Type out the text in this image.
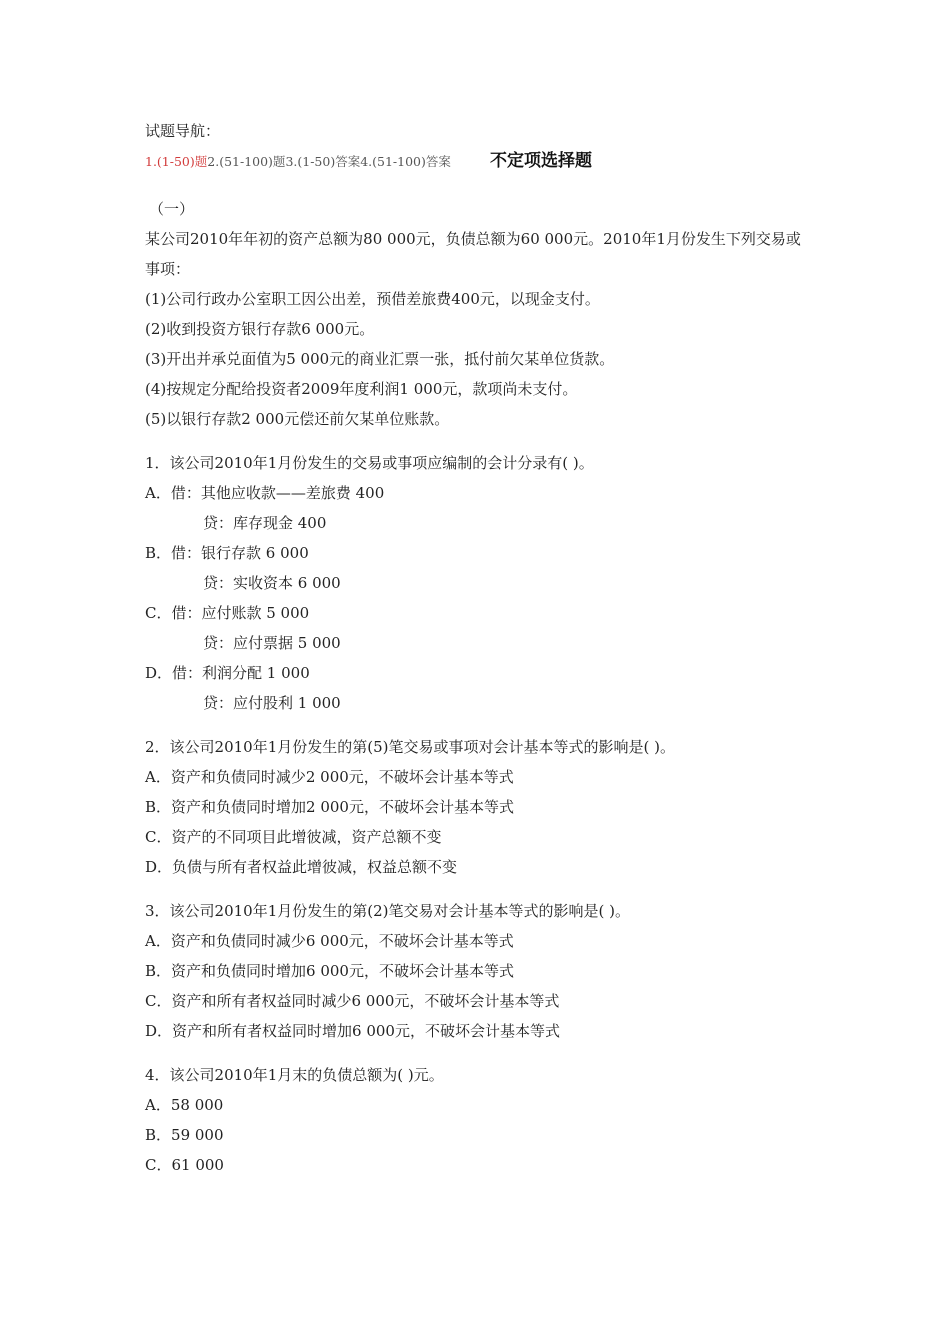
试题导航：
1.(1-50)题2.(51-100)题3.(1-50)答案4.(51-100)答案 不定项选择题
（一）
某公司2010年年初的资产总额为80 000元，负债总额为60 000元。2010年1月份发生下列交易或事项：
(1)公司行政办公室职工因公出差，预借差旅费400元，以现金支付。
(2)收到投资方银行存款6 000元。
(3)开出并承兑面值为5 000元的商业汇票一张，抵付前欠某单位货款。
(4)按规定分配给投资者2009年度利润1 000元，款项尚未支付。
(5)以银行存款2 000元偿还前欠某单位账款。
1．该公司2010年1月份发生的交易或事项应编制的会计分录有( )。
A．借：其他应收款——差旅费 400
贷：库存现金 400
B．借：银行存款 6 000
贷：实收资本 6 000
C．借：应付账款 5 000
贷：应付票据 5 000
D．借：利润分配 1 000
贷：应付股利 1 000
2．该公司2010年1月份发生的第(5)笔交易或事项对会计基本等式的影响是( )。
A．资产和负债同时减少2 000元，不破坏会计基本等式
B．资产和负债同时增加2 000元，不破坏会计基本等式
C．资产的不同项目此增彼减，资产总额不变
D．负债与所有者权益此增彼减，权益总额不变
3．该公司2010年1月份发生的第(2)笔交易对会计基本等式的影响是( )。
A．资产和负债同时减少6 000元，不破坏会计基本等式
B．资产和负债同时增加6 000元，不破坏会计基本等式
C．资产和所有者权益同时减少6 000元，不破坏会计基本等式
D．资产和所有者权益同时增加6 000元，不破坏会计基本等式
4．该公司2010年1月末的负债总额为( )元。
A．58 000
B．59 000
C．61 000
